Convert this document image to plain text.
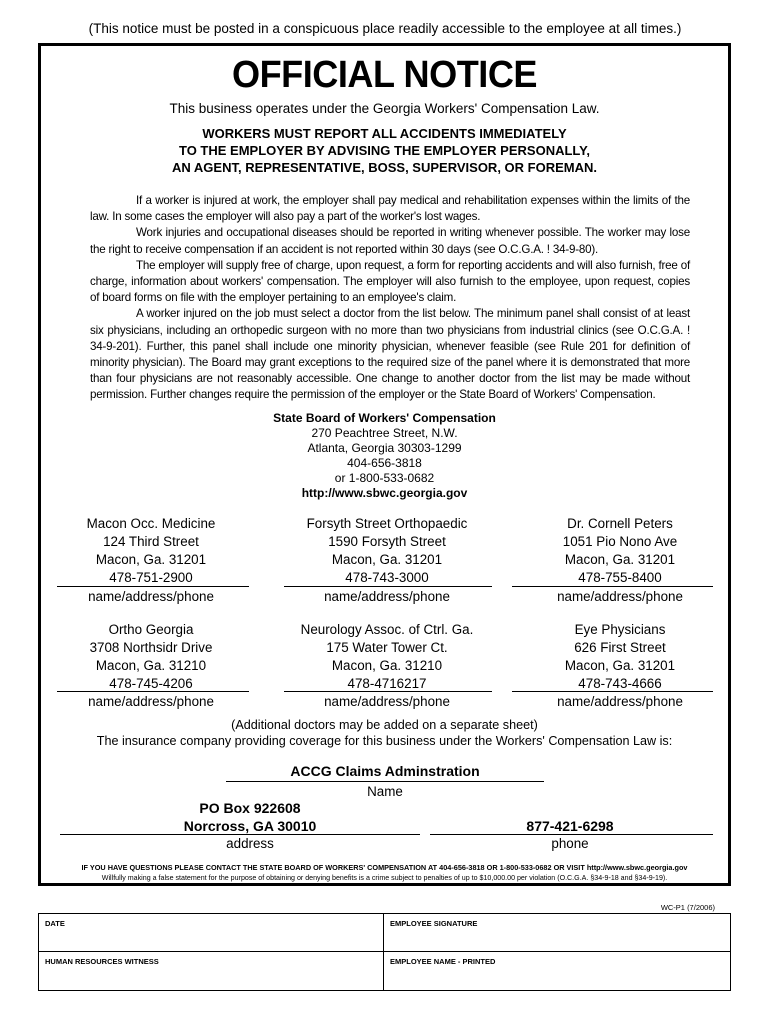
(This notice must be posted in a conspicuous place readily accessible to the employee at all times.)
OFFICIAL NOTICE
This business operates under the Georgia Workers' Compensation Law.
WORKERS MUST REPORT ALL ACCIDENTS IMMEDIATELY
TO THE EMPLOYER BY ADVISING THE EMPLOYER PERSONALLY,
AN AGENT, REPRESENTATIVE, BOSS, SUPERVISOR, OR FOREMAN.

If a worker is injured at work, the employer shall pay medical and rehabilitation expenses within the limits of the law. In some cases the employer will also pay a part of the worker's lost wages.

Work injuries and occupational diseases should be reported in writing whenever possible. The worker may lose the right to receive compensation if an accident is not reported within 30 days (see O.C.G.A. ! 34-9-80).

The employer will supply free of charge, upon request, a form for reporting accidents and will also furnish, free of charge, information about workers' compensation. The employer will also furnish to the employee, upon request, copies of board forms on file with the employer pertaining to an employee's claim.

A worker injured on the job must select a doctor from the list below. The minimum panel shall consist of at least six physicians, including an orthopedic surgeon with no more than two physicians from industrial clinics (see O.C.G.A. ! 34-9-201). Further, this panel shall include one minority physician, whenever feasible (see Rule 201 for definition of minority physician). The Board may grant exceptions to the required size of the panel where it is demonstrated that more than four physicians are not reasonably accessible. One change to another doctor from the list may be made without permission. Further changes require the permission of the employer or the State Board of Workers' Compensation.

State Board of Workers' Compensation
270 Peachtree Street, N.W.
Atlanta, Georgia 30303-1299
404-656-3818
or 1-800-533-0682
http://www.sbwc.georgia.gov
Macon Occ. Medicine
124 Third Street
Macon, Ga. 31201
478-751-2900
name/address/phone
Forsyth Street Orthopaedic
1590 Forsyth Street
Macon, Ga. 31201
478-743-3000
name/address/phone
Dr. Cornell Peters
1051 Pio Nono Ave
Macon, Ga. 31201
478-755-8400
name/address/phone
Ortho Georgia
3708 Northsidr Drive
Macon, Ga. 31210
478-745-4206
name/address/phone
Neurology Assoc. of Ctrl. Ga.
175 Water Tower Ct.
Macon, Ga. 31210
478-4716217
name/address/phone
Eye Physicians
626 First Street
Macon, Ga. 31201
478-743-4666
name/address/phone
(Additional doctors may be added on a separate sheet)
The insurance company providing coverage for this business under the Workers' Compensation Law is:
ACCG Claims Adminstration
Name
PO Box 922608
Norcross, GA 30010	877-421-6298
address	phone
IF YOU HAVE QUESTIONS PLEASE CONTACT THE STATE BOARD OF WORKERS' COMPENSATION AT 404-656-3818 OR 1-800-533-0682 OR VISIT http://www.sbwc.georgia.gov
Willfully making a false statement for the purpose of obtaining or denying benefits is a crime subject to penalties of up to $10,000.00 per violation (O.C.G.A. §34-9-18 and §34-9-19).
WC-P1 (7/2006)
DATE	EMPLOYEE SIGNATURE
HUMAN RESOURCES WITNESS	EMPLOYEE NAME - PRINTED
